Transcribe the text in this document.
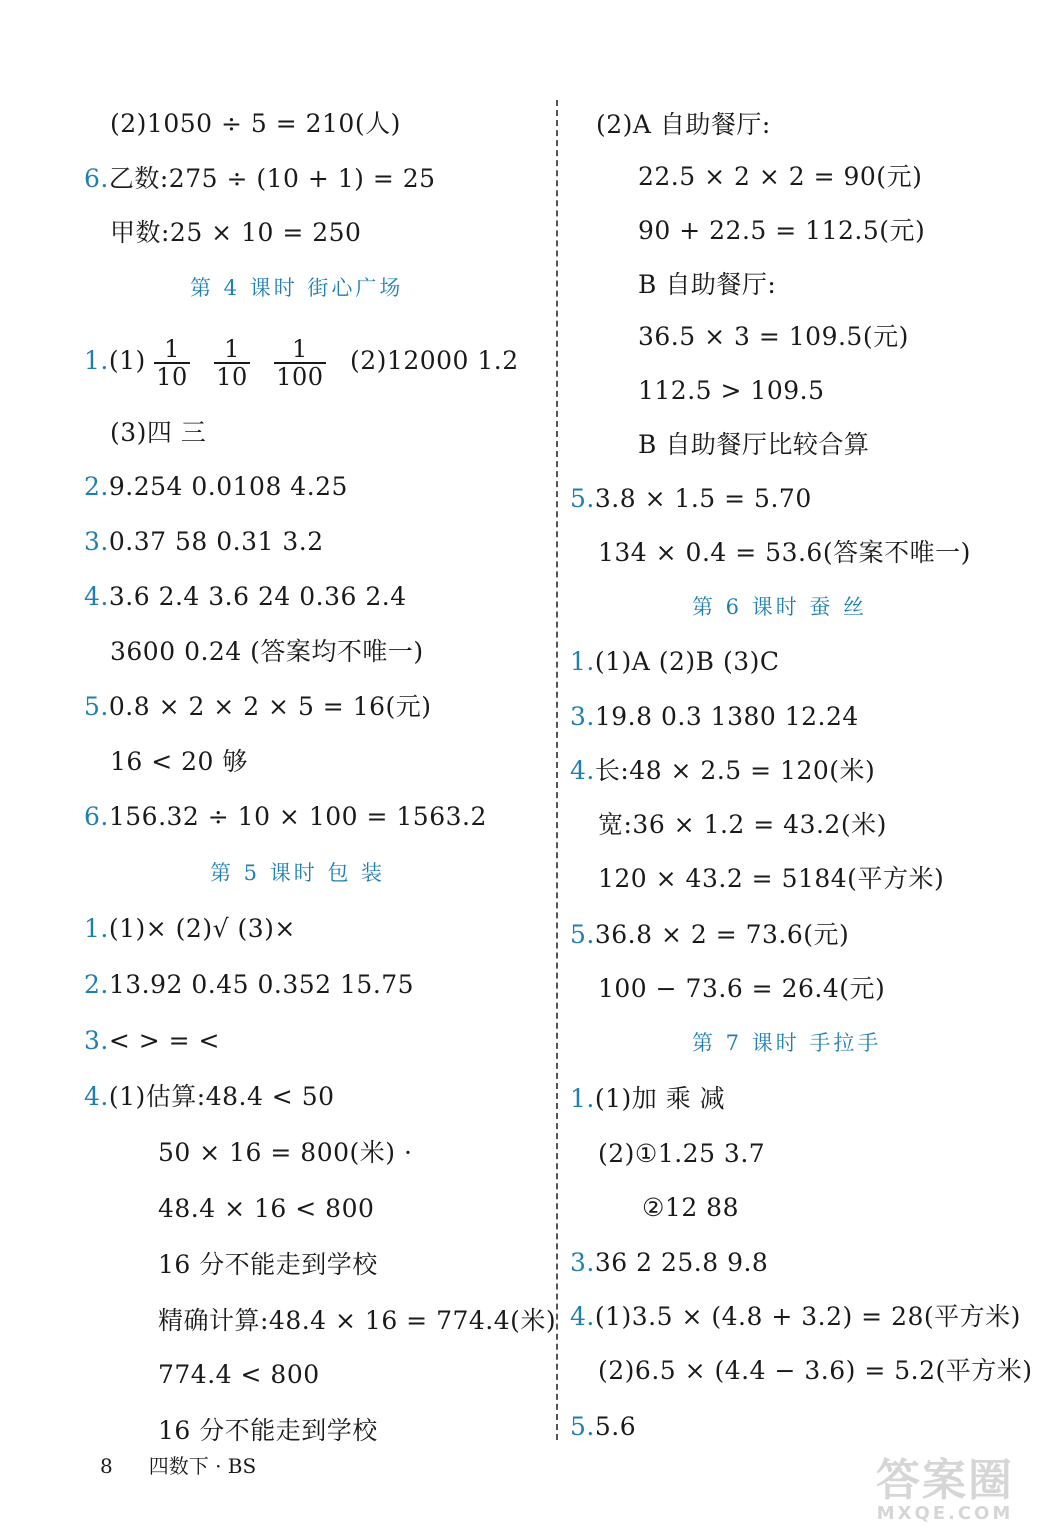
(2)1050 ÷ 5 = 210(人)
6.乙数:275 ÷ (10 + 1) = 25
甲数:25 × 10 = 250
第 4 课时 街心广场
$1.(1) \frac{1}{10}$
$\frac{1}{10}$
$\frac{1}{100} (2)12000$ 1.2
(3)四 三
2.9.254 0.0108 4.25
3.0.37 58 0.31 3.2
4.3.6 2.4 3.6 24 0.36 2.4
3600 0.24 (答案均不唯一)
5.0.8 × 2 × 2 × 5 = 16(元)
16 < 20 够
6.156.32 ÷ 10 × 100 = 1563.2
第 5 课时 包 装
1.(1)× (2)√ (3)×
2.13.92 0.45 0.352 15.75
3.< > = <
4.(1)估算:48.4 < 50
50 × 16 = 800(米) ·
48.4 × 16 < 800
16 分不能走到学校
精确计算:48.4 × 16 = 774.4(米)
774.4 < 800
16 分不能走到学校
(2)A 自助餐厅:
22.5 × 2 × 2 = 90(元)
90 + 22.5 = 112.5(元)
B 自助餐厅:
36.5 × 3 = 109.5(元)
112.5 > 109.5
B 自助餐厅比较合算
5.3.8 × 1.5 = 5.70
134 × 0.4 = 53.6(答案不唯一)
第 6 课时 蚕 丝
1.(1)A (2)B (3)C
3.19.8 0.3 1380 12.24
4.长:48 × 2.5 = 120(米)
宽:36 × 1.2 = 43.2(米)
120 × 43.2 = 5184(平方米)
5.36.8 × 2 = 73.6(元)
100 − 73.6 = 26.4(元)
第 7 课时 手拉手
1.(1)加 乘 减
(2)①1.25 3.7
②12 88
3.36 2 25.8 9.8
4.(1)3.5 × (4.8 + 3.2) = 28(平方米)
(2)6.5 × (4.4 − 3.6) = 5.2(平方米)
5.5.6
8 四数下 · BS	答案圈
MXQE.COM
